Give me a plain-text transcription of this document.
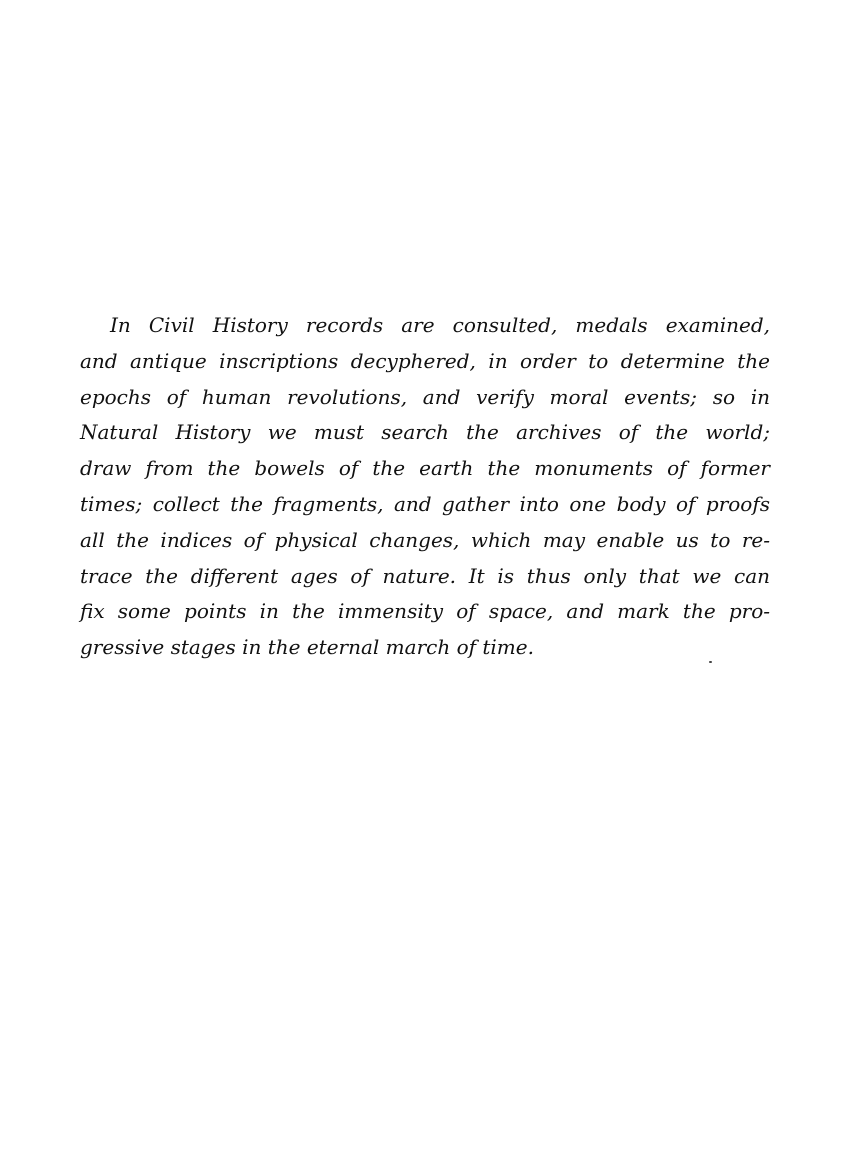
In Civil History records are consulted, medals examined,
and antique inscriptions decyphered, in order to determine the
epochs of human revolutions, and verify moral events; so in
Natural History we must search the archives of the world;
draw from the bowels of the earth the monuments of former
times; collect the fragments, and gather into one body of proofs
all the indices of physical changes, which may enable us to re-
trace the different ages of nature. It is thus only that we can
fix some points in the immensity of space, and mark the pro-
gressive stages in the eternal march of time.
